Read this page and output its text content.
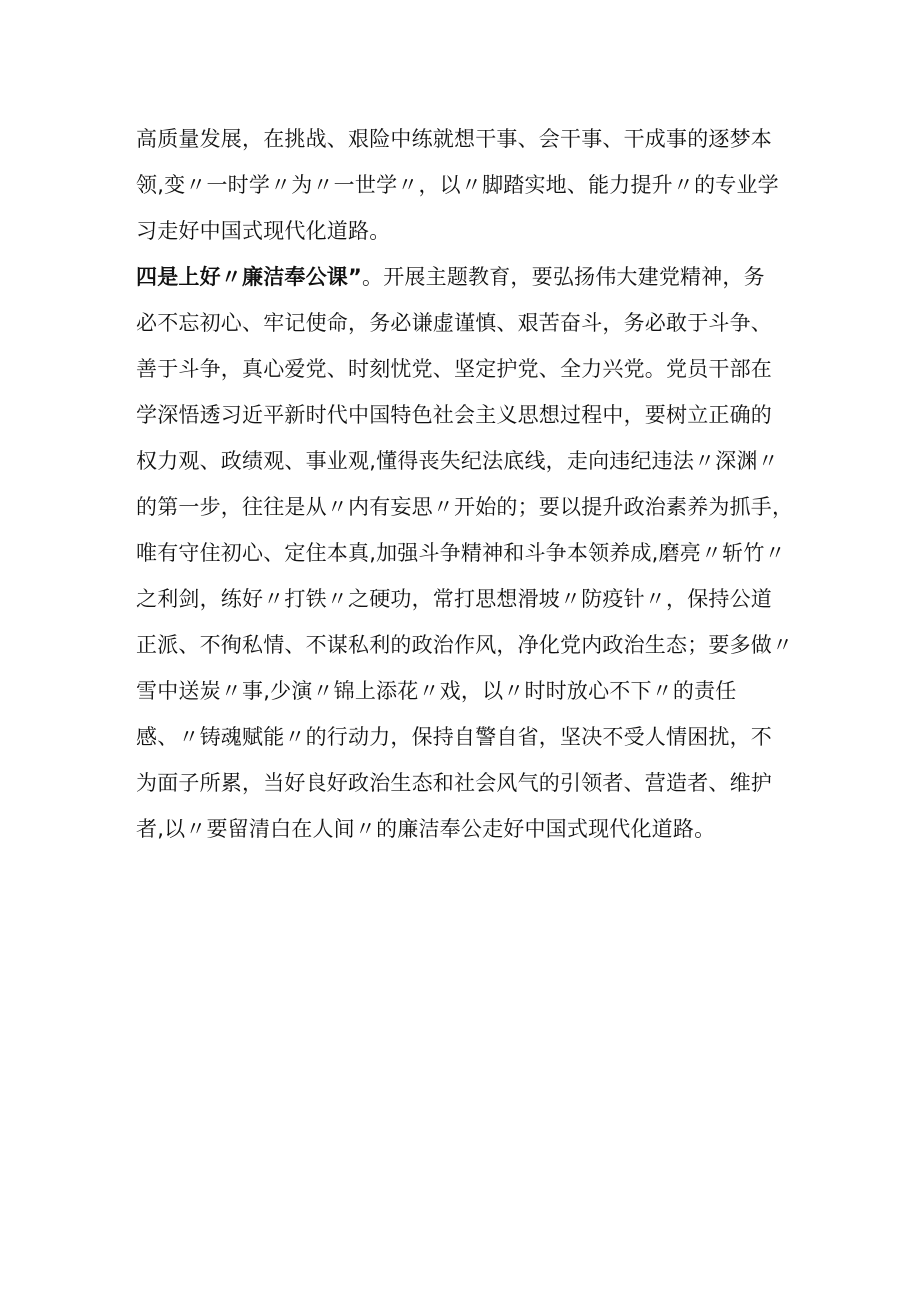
高质量发展，在挑战、艰险中练就想干事、会干事、干成事的逐梦本
领,变〃一时学〃为〃一世学〃，以〃脚踏实地、能力提升〃的专业学
习走好中国式现代化道路。
四是上好〃廉洁奉公课”。开展主题教育，要弘扬伟大建党精神，务
必不忘初心、牢记使命，务必谦虚谨慎、艰苦奋斗，务必敢于斗争、
善于斗争，真心爱党、时刻忧党、坚定护党、全力兴党。党员干部在
学深悟透习近平新时代中国特色社会主义思想过程中，要树立正确的
权力观、政绩观、事业观,懂得丧失纪法底线，走向违纪违法〃深渊〃
的第一步，往往是从〃内有妄思〃开始的；要以提升政治素养为抓手，
唯有守住初心、定住本真,加强斗争精神和斗争本领养成,磨亮〃斩竹〃
之利剑，练好〃打铁〃之硬功，常打思想滑坡〃防疫针〃，保持公道
正派、不徇私情、不谋私利的政治作风，净化党内政治生态；要多做〃
雪中送炭〃事,少演〃锦上添花〃戏，以〃时时放心不下〃的责任
感、〃铸魂赋能〃的行动力，保持自警自省，坚决不受人情困扰，不
为面子所累，当好良好政治生态和社会风气的引领者、营造者、维护
者,以〃要留清白在人间〃的廉洁奉公走好中国式现代化道路。
